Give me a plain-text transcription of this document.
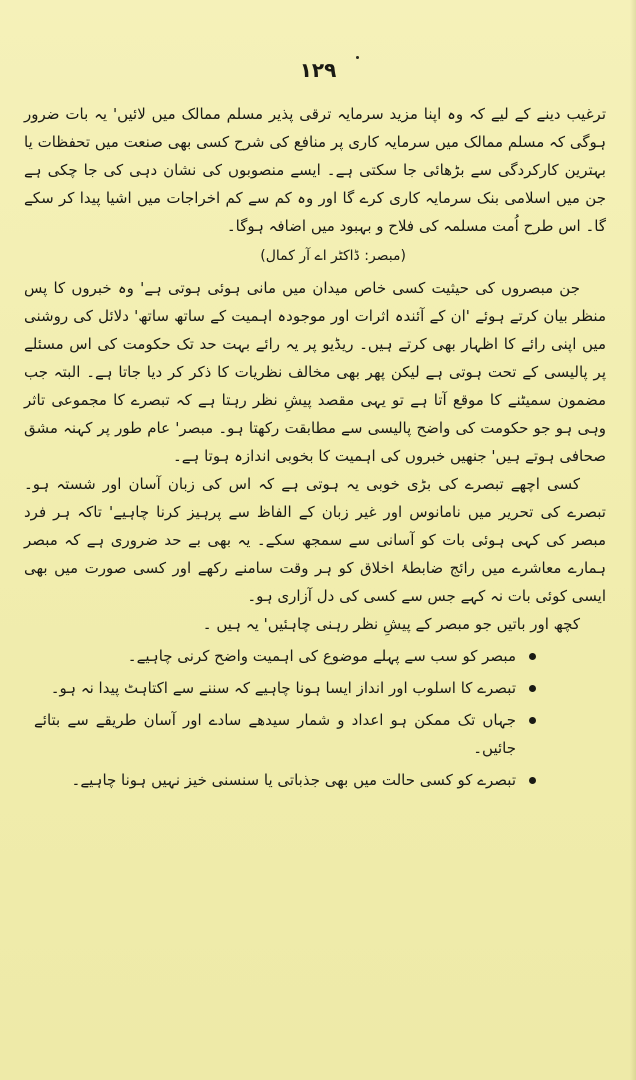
۱۲۹

ترغیب دینے کے لیے کہ وہ اپنا مزید سرمایہ ترقی پذیر مسلم ممالک میں لائیں' یہ بات ضرور ہوگی کہ مسلم ممالک میں سرمایہ کاری پر منافع کی شرح کسی بھی صنعت میں تحفظات یا بہترین کارکردگی سے بڑھائی جا سکتی ہے۔ ایسے منصوبوں کی نشان دہی کی جا چکی ہے جن میں اسلامی بنک سرمایہ کاری کرے گا اور وہ کم سے کم اخراجات میں اشیا پیدا کر سکے گا۔ اس طرح اُمت مسلمہ کی فلاح و بہبود میں اضافہ ہوگا۔

(مبصر: ڈاکٹر اے آر کمال)

جن مبصروں کی حیثیت کسی خاص میدان میں مانی ہوئی ہوتی ہے' وہ خبروں کا پس منظر بیان کرتے ہوئے 'ان کے آئندہ اثرات اور موجودہ اہمیت کے ساتھ ساتھ' دلائل کی روشنی میں اپنی رائے کا اظہار بھی کرتے ہیں۔ ریڈیو پر یہ رائے بہت حد تک حکومت کی اس مسئلے پر پالیسی کے تحت ہوتی ہے لیکن پھر بھی مخالف نظریات کا ذکر کر دیا جاتا ہے۔ البتہ جب مضمون سمیٹنے کا موقع آتا ہے تو یہی مقصد پیشِ نظر رہتا ہے کہ تبصرے کا مجموعی تاثر وہی ہو جو حکومت کی واضح پالیسی سے مطابقت رکھتا ہو۔ مبصر' عام طور پر کہنہ مشق صحافی ہوتے ہیں' جنھیں خبروں کی اہمیت کا بخوبی اندازہ ہوتا ہے۔

کسی اچھے تبصرے کی بڑی خوبی یہ ہوتی ہے کہ اس کی زبان آسان اور شستہ ہو۔ تبصرے کی تحریر میں نامانوس اور غیر زبان کے الفاظ سے پرہیز کرنا چاہیے' تاکہ ہر فرد مبصر کی کہی ہوئی بات کو آسانی سے سمجھ سکے۔ یہ بھی بے حد ضروری ہے کہ مبصر ہمارے معاشرے میں رائج ضابطۂ اخلاق کو ہر وقت سامنے رکھے اور کسی صورت میں بھی ایسی کوئی بات نہ کہے جس سے کسی کی دل آزاری ہو۔

کچھ اور باتیں جو مبصر کے پیشِ نظر رہنی چاہئیں' یہ ہیں ۔

مبصر کو سب سے پہلے موضوع کی اہمیت واضح کرنی چاہیے۔
تبصرے کا اسلوب اور انداز ایسا ہونا چاہیے کہ سننے سے اکتاہٹ پیدا نہ ہو۔
جہاں تک ممکن ہو اعداد و شمار سیدھے سادے اور آسان طریقے سے بتائے جائیں۔
تبصرے کو کسی حالت میں بھی جذباتی یا سنسنی خیز نہیں ہونا چاہیے۔
